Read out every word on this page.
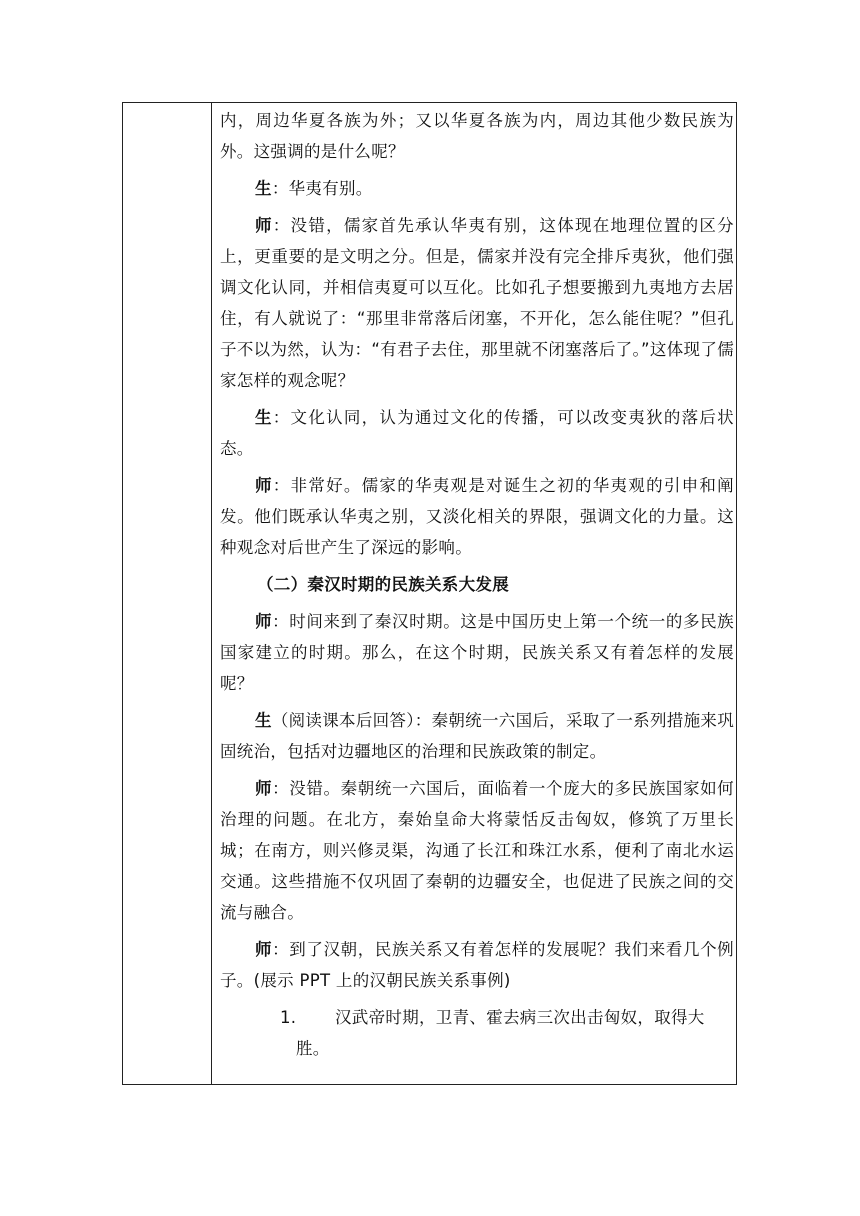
内，周边华夏各族为外；又以华夏各族为内，周边其他少数民族为外。这强调的是什么呢？

生：华夷有别。

师：没错，儒家首先承认华夷有别，这体现在地理位置的区分上，更重要的是文明之分。但是，儒家并没有完全排斥夷狄，他们强调文化认同，并相信夷夏可以互化。比如孔子想要搬到九夷地方去居住，有人就说了：“那里非常落后闭塞，不开化，怎么能住呢？”但孔子不以为然，认为：“有君子去住，那里就不闭塞落后了。”这体现了儒家怎样的观念呢？

生：文化认同，认为通过文化的传播，可以改变夷狄的落后状态。

师：非常好。儒家的华夷观是对诞生之初的华夷观的引申和阐发。他们既承认华夷之别，又淡化相关的界限，强调文化的力量。这种观念对后世产生了深远的影响。

（二）秦汉时期的民族关系大发展

师：时间来到了秦汉时期。这是中国历史上第一个统一的多民族国家建立的时期。那么，在这个时期，民族关系又有着怎样的发展呢？

生（阅读课本后回答）：秦朝统一六国后，采取了一系列措施来巩固统治，包括对边疆地区的治理和民族政策的制定。

师：没错。秦朝统一六国后，面临着一个庞大的多民族国家如何治理的问题。在北方，秦始皇命大将蒙恬反击匈奴，修筑了万里长城；在南方，则兴修灵渠，沟通了长江和珠江水系，便利了南北水运交通。这些措施不仅巩固了秦朝的边疆安全，也促进了民族之间的交流与融合。

师：到了汉朝，民族关系又有着怎样的发展呢？我们来看几个例子。(展示 PPT 上的汉朝民族关系事例)

1.	汉武帝时期，卫青、霍去病三次出击匈奴，取得大
胜。
